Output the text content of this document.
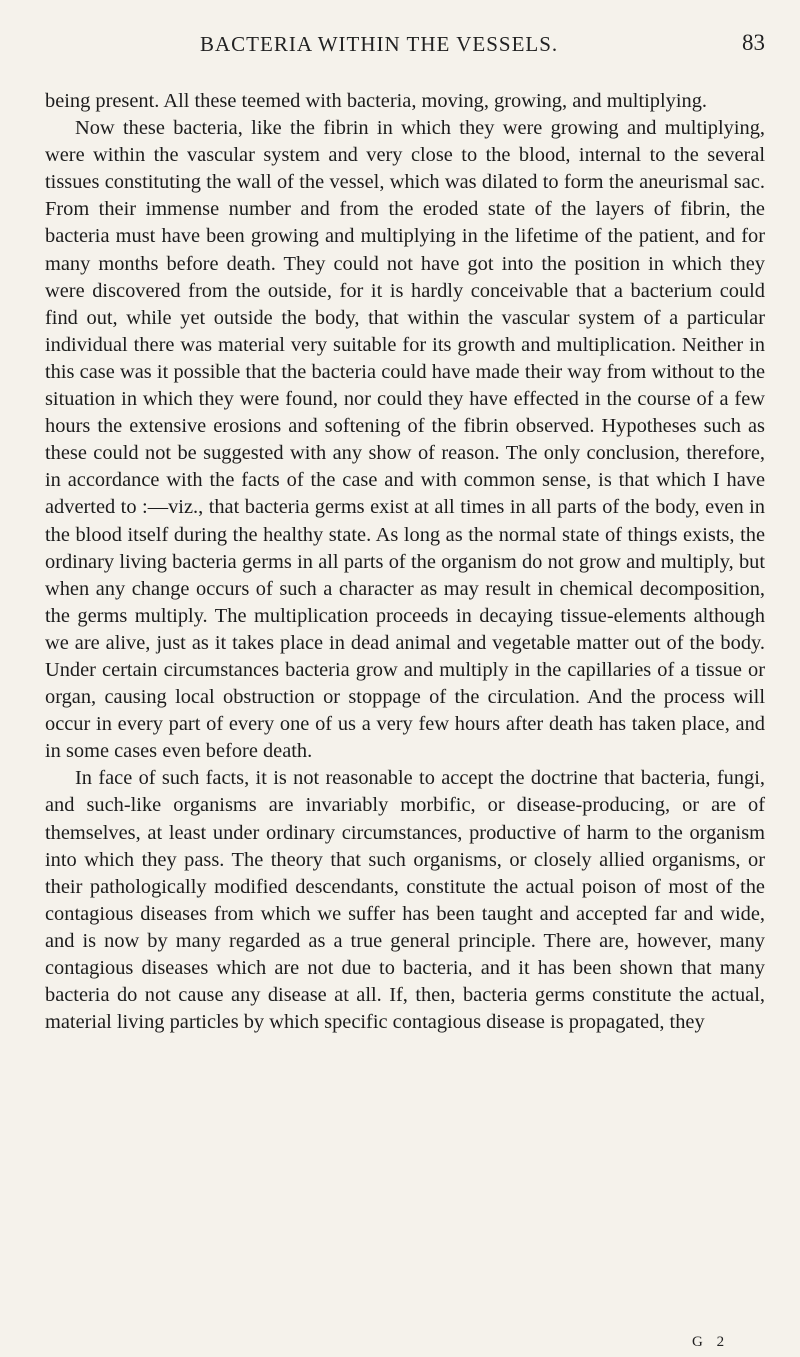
BACTERIA WITHIN THE VESSELS.	83

being present. All these teemed with bacteria, moving, growing, and multiplying.

Now these bacteria, like the fibrin in which they were growing and multiplying, were within the vascular system and very close to the blood, internal to the several tissues constituting the wall of the vessel, which was dilated to form the aneurismal sac. From their immense number and from the eroded state of the layers of fibrin, the bacteria must have been growing and multiplying in the lifetime of the patient, and for many months before death. They could not have got into the position in which they were discovered from the outside, for it is hardly conceivable that a bacterium could find out, while yet outside the body, that within the vascular system of a particular individual there was material very suitable for its growth and multiplication. Neither in this case was it possible that the bacteria could have made their way from without to the situation in which they were found, nor could they have effected in the course of a few hours the extensive erosions and softening of the fibrin observed. Hypotheses such as these could not be suggested with any show of reason. The only conclusion, therefore, in accordance with the facts of the case and with common sense, is that which I have adverted to :—viz., that bacteria germs exist at all times in all parts of the body, even in the blood itself during the healthy state. As long as the normal state of things exists, the ordinary living bacteria germs in all parts of the organism do not grow and multiply, but when any change occurs of such a character as may result in chemical decomposition, the germs multiply. The multiplication proceeds in decaying tissue-elements although we are alive, just as it takes place in dead animal and vegetable matter out of the body. Under certain circumstances bacteria grow and multiply in the capillaries of a tissue or organ, causing local obstruction or stoppage of the circulation. And the process will occur in every part of every one of us a very few hours after death has taken place, and in some cases even before death.

In face of such facts, it is not reasonable to accept the doctrine that bacteria, fungi, and such-like organisms are invariably morbific, or disease-producing, or are of themselves, at least under ordinary circumstances, productive of harm to the organism into which they pass. The theory that such organisms, or closely allied organisms, or their pathologically modified descendants, constitute the actual poison of most of the contagious diseases from which we suffer has been taught and accepted far and wide, and is now by many regarded as a true general principle. There are, however, many contagious diseases which are not due to bacteria, and it has been shown that many bacteria do not cause any disease at all. If, then, bacteria germs constitute the actual, material living particles by which specific contagious disease is propagated, they

G 2
